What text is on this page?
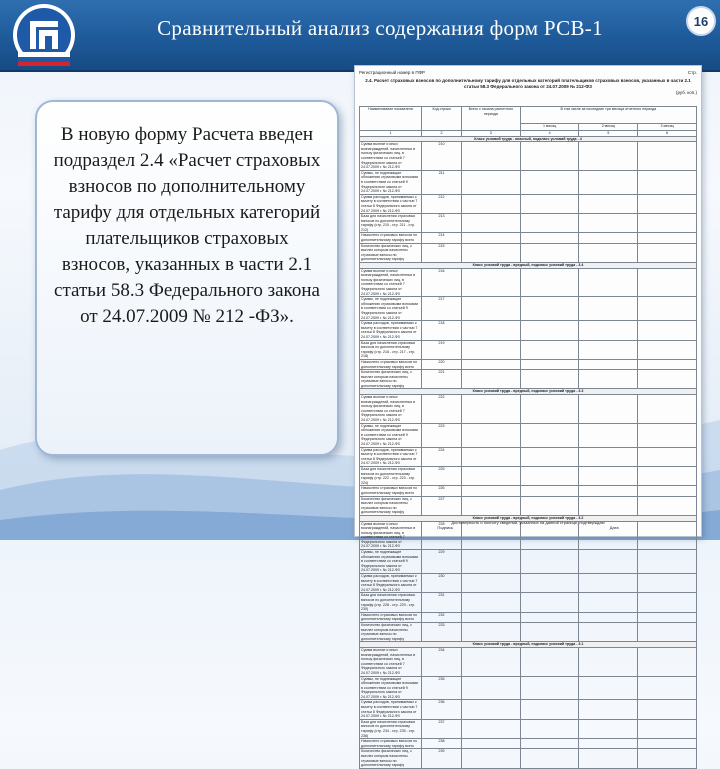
Сравнительный анализ содержания форм РСВ-1	16
В новую форму Расчета введен подраздел 2.4 «Расчет страховых взносов по дополнительному тарифу для отдельных категорий плательщиков страховых взносов, указанных в части 2.1 статьи 58.3 Федерального закона от 24.07.2009 № 212 -ФЗ».
Регистрационный номер в ПФР	Стр.
2.4. Расчет страховых взносов по дополнительному тарифу для отдельных категорий плательщиков страховых взносов, указанных в части 2.1 статьи 58.3 Федерального закона от 24.07.2009 № 212-ФЗ
(руб. коп.)
Наименование показателя	Код строки	Всего с начала расчетного периода	В том числе за последние три месяца отчетного периода		
			1 месяц	2 месяц	3 месяц
1	2	3	4	5	6
Класс условий труда - опасный, подкласс условий труда - 4					
Сумма выплат и иных вознаграждений, начисленных в пользу физических лиц, в соответствии со статьей 7 Федерального закона от 24.07.2009 г. № 212-ФЗ	210				
Суммы, не подлежащие обложению страховыми взносами в соответствии со статьей 9 Федерального закона от 24.07.2009 г. № 212-ФЗ	211				
Сумма расходов, принимаемых к вычету в соответствии с частью 7 статьи 8 Федерального закона от 24.07.2009 г. № 212-ФЗ	212				
База для начисления страховых взносов по дополнительному тарифу (стр. 210 - стр. 211 - стр. 212)	213				
Начислено страховых взносов по дополнительному тарифу всего	214				
Количество физических лиц, с выплат которым начислены страховые взносы по дополнительному тарифу	215				
Класс условий труда - вредный, подкласс условий труда - 3.4					
Сумма выплат и иных вознаграждений, начисленных в пользу физических лиц, в соответствии со статьей 7 Федерального закона от 24.07.2009 г. № 212-ФЗ	216				
Суммы, не подлежащие обложению страховыми взносами в соответствии со статьей 9 Федерального закона от 24.07.2009 г. № 212-ФЗ	217				
Сумма расходов, принимаемых к вычету в соответствии с частью 7 статьи 8 Федерального закона от 24.07.2009 г. № 212-ФЗ	218				
База для начисления страховых взносов по дополнительному тарифу (стр. 216 - стр. 217 - стр. 218)	219				
Начислено страховых взносов по дополнительному тарифу всего	220				
Количество физических лиц, с выплат которым начислены страховые взносы по дополнительному тарифу	221				
Класс условий труда - вредный, подкласс условий труда - 3.3					
Сумма выплат и иных вознаграждений, начисленных в пользу физических лиц, в соответствии со статьей 7 Федерального закона от 24.07.2009 г. № 212-ФЗ	222				
Суммы, не подлежащие обложению страховыми взносами в соответствии со статьей 9 Федерального закона от 24.07.2009 г. № 212-ФЗ	223				
Сумма расходов, принимаемых к вычету в соответствии с частью 7 статьи 8 Федерального закона от 24.07.2009 г. № 212-ФЗ	224				
База для начисления страховых взносов по дополнительному тарифу (стр. 222 - стр. 223 - стр. 224)	225				
Начислено страховых взносов по дополнительному тарифу всего	226				
Количество физических лиц, с выплат которым начислены страховые взносы по дополнительному тарифу	227				
Класс условий труда - вредный, подкласс условий труда - 3.2					
Сумма выплат и иных вознаграждений, начисленных в пользу физических лиц, в соответствии со статьей 7 Федерального закона от 24.07.2009 г. № 212-ФЗ	228				
Суммы, не подлежащие обложению страховыми взносами в соответствии со статьей 9 Федерального закона от 24.07.2009 г. № 212-ФЗ	229				
Сумма расходов, принимаемых к вычету в соответствии с частью 7 статьи 8 Федерального закона от 24.07.2009 г. № 212-ФЗ	230				
База для начисления страховых взносов по дополнительному тарифу (стр. 228 - стр. 229 - стр. 230)	231				
Начислено страховых взносов по дополнительному тарифу всего	232				
Количество физических лиц, с выплат которым начислены страховые взносы по дополнительному тарифу	233				
Класс условий труда - вредный, подкласс условий труда - 3.1					
Сумма выплат и иных вознаграждений, начисленных в пользу физических лиц, в соответствии со статьей 7 Федерального закона от 24.07.2009 г. № 212-ФЗ	234				
Суммы, не подлежащие обложению страховыми взносами в соответствии со статьей 9 Федерального закона от 24.07.2009 г. № 212-ФЗ	235				
Сумма расходов, принимаемых к вычету в соответствии с частью 7 статьи 8 Федерального закона от 24.07.2009 г. № 212-ФЗ	236				
База для начисления страховых взносов по дополнительному тарифу (стр. 234 - стр. 235 - стр. 236)	237				
Начислено страховых взносов по дополнительному тарифу всего	238				
Количество физических лиц, с выплат которым начислены страховые взносы по дополнительному тарифу	239				
Достоверность и полноту сведений, указанных на данной странице, подтверждаю
Подпись	Дата
